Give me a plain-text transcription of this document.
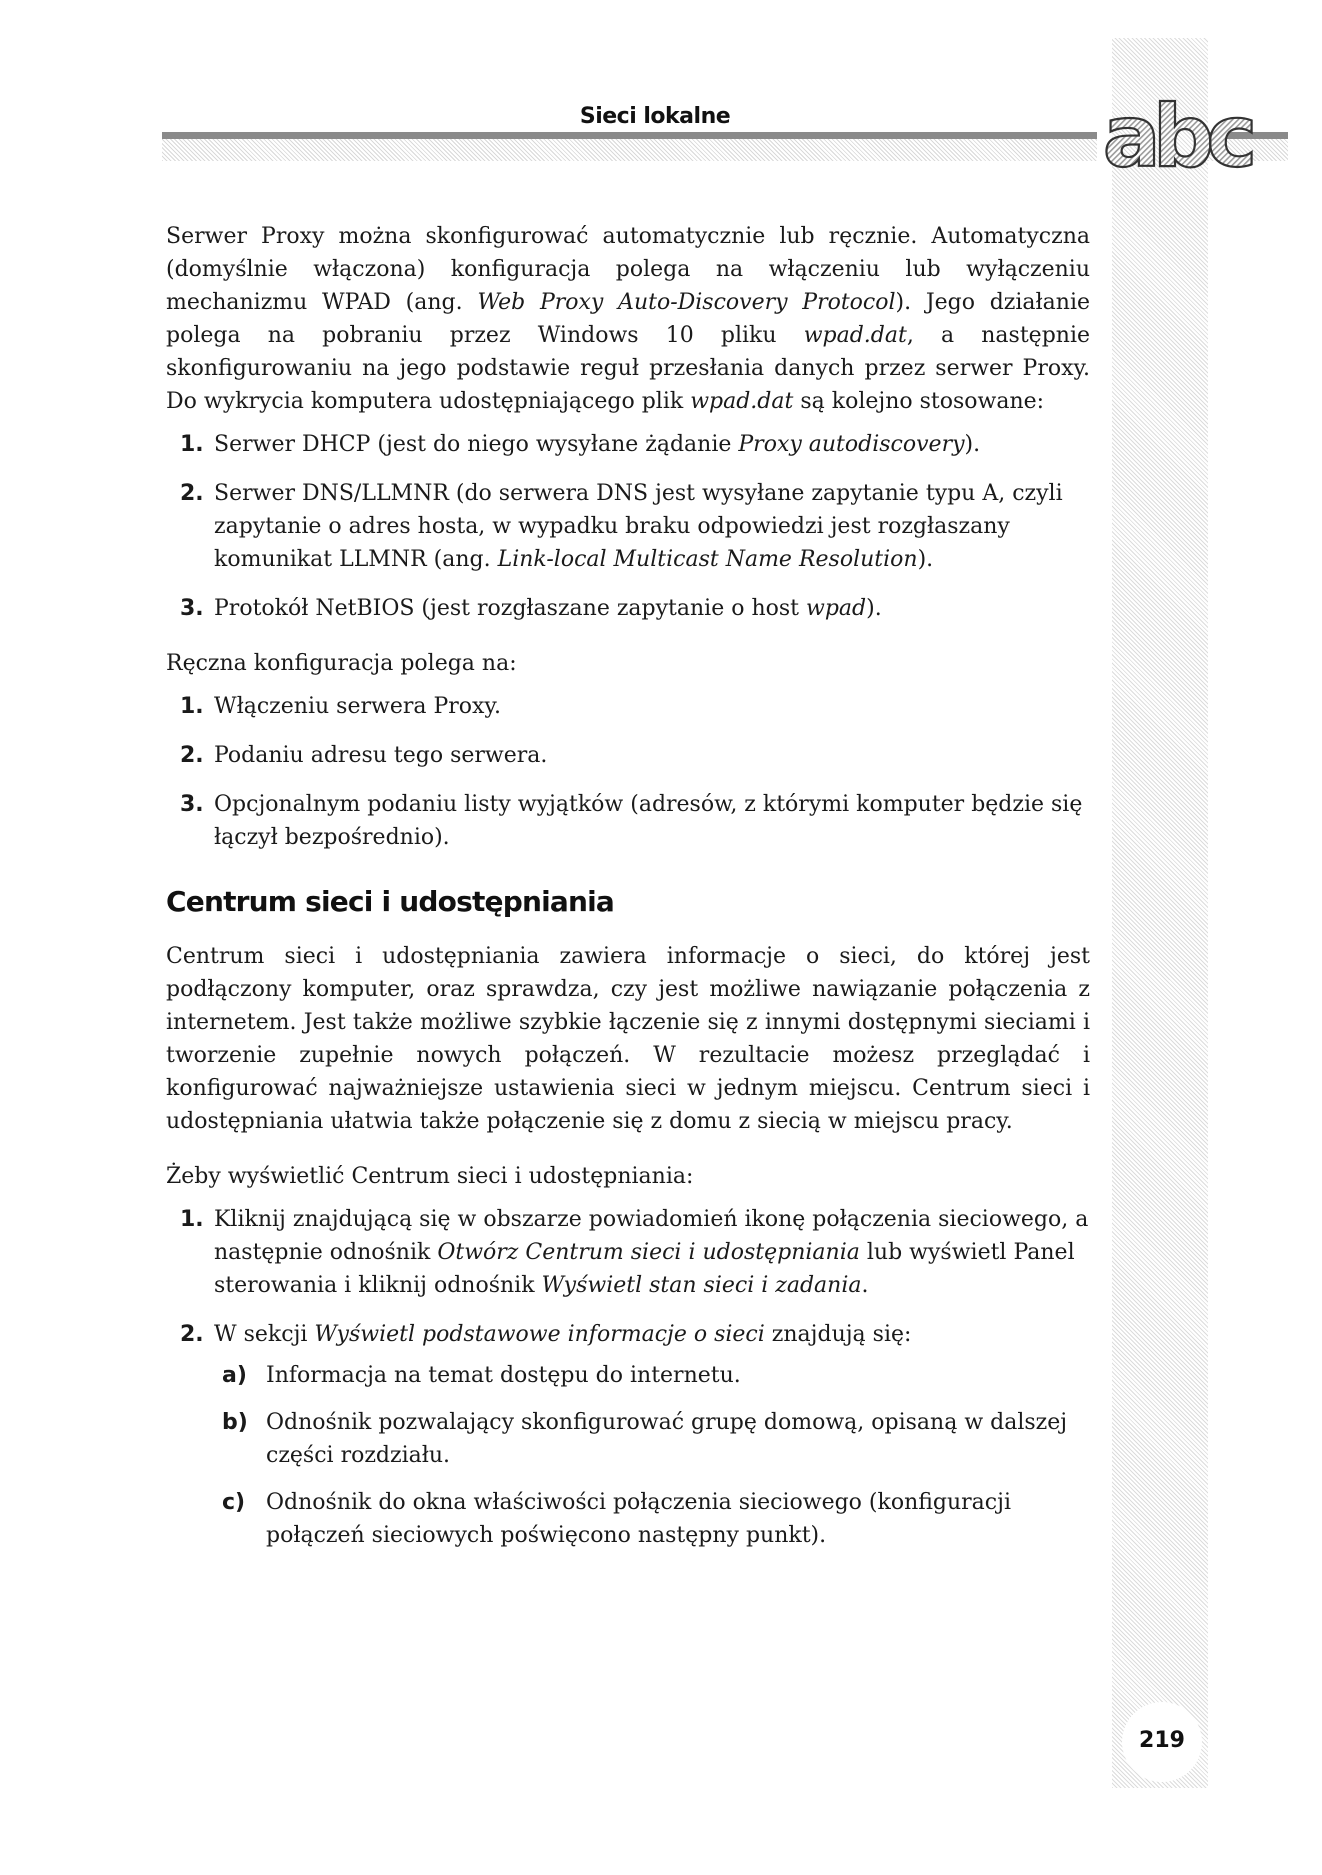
abc
Sieci lokalne
219

Serwer Proxy można skonfigurować automatycznie lub ręcznie. Automatyczna (domyślnie włączona) konfiguracja polega na włączeniu lub wyłączeniu mechanizmu WPAD (ang. Web Proxy Auto-Discovery Protocol). Jego działanie polega na pobraniu przez Windows 10 pliku wpad.dat, a następnie skonfigurowaniu na jego podstawie reguł przesłania danych przez serwer Proxy. Do wykrycia komputera udostępniającego plik wpad.dat są kolejno stosowane:

1. Serwer DHCP (jest do niego wysyłane żądanie Proxy autodiscovery).
2. Serwer DNS/LLMNR (do serwera DNS jest wysyłane zapytanie typu A, czyli zapytanie o adres hosta, w wypadku braku odpowiedzi jest rozgłaszany komunikat LLMNR (ang. Link-local Multicast Name Resolution).
3. Protokół NetBIOS (jest rozgłaszane zapytanie o host wpad).

Ręczna konfiguracja polega na:

1. Włączeniu serwera Proxy.
2. Podaniu adresu tego serwera.
3. Opcjonalnym podaniu listy wyjątków (adresów, z którymi komputer będzie się łączył bezpośrednio).
Centrum sieci i udostępniania

Centrum sieci i udostępniania zawiera informacje o sieci, do której jest podłączony komputer, oraz sprawdza, czy jest możliwe nawiązanie połączenia z internetem. Jest także możliwe szybkie łączenie się z innymi dostępnymi sieciami i tworzenie zupełnie nowych połączeń. W rezultacie możesz przeglądać i konfigurować najważniejsze ustawienia sieci w jednym miejscu. Centrum sieci i udostępniania ułatwia także połączenie się z domu z siecią w miejscu pracy.

Żeby wyświetlić Centrum sieci i udostępniania:

1. Kliknij znajdującą się w obszarze powiadomień ikonę połączenia sieciowego, a następnie odnośnik Otwórz Centrum sieci i udostępniania lub wyświetl Panel sterowania i kliknij odnośnik Wyświetl stan sieci i zadania.
2. W sekcji Wyświetl podstawowe informacje o sieci znajdują się:
a) Informacja na temat dostępu do internetu.
b) Odnośnik pozwalający skonfigurować grupę domową, opisaną w dalszej części rozdziału.
c) Odnośnik do okna właściwości połączenia sieciowego (konfiguracji połączeń sieciowych poświęcono następny punkt).
